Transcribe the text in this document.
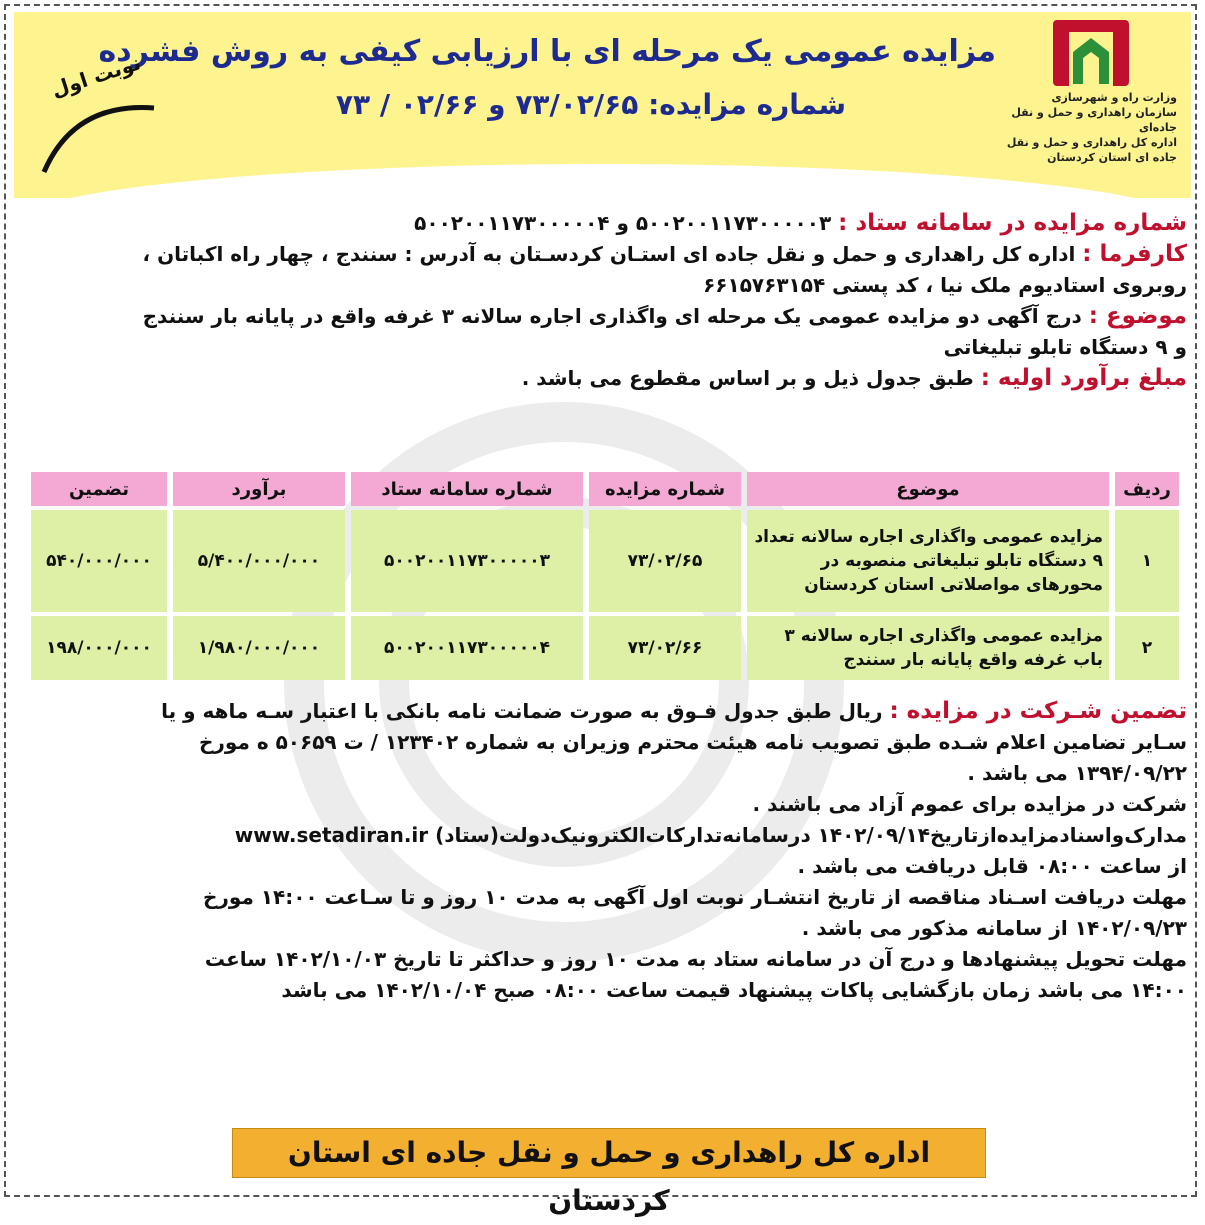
وزارت راه و شهرسازی
سازمان راهداری و حمل و نقل جاده‌ای
اداره کل راهداری و حمل و نقل
جاده ای استان کردستان
مزایده عمومی یک مرحله ای با ارزیابی کیفی به روش فشرده
شماره مزایده: ۷۳/۰۲/۶۵ و ۰۲/۶۶ / ۷۳
نوبت اول

شماره مزایده در سامانه ستاد : ۵۰۰۲۰۰۱۱۷۳۰۰۰۰۰۳ و ۵۰۰۲۰۰۱۱۷۳۰۰۰۰۰۴

کارفرما : اداره کل راهداری و حمل و نقل جاده ای استـان کردسـتان به آدرس : سنندج ، چهار راه اکباتان ،

روبروی استادیوم ملک نیا ، کد پستی ۶۶۱۵۷۶۳۱۵۴

موضوع : درج آگهی دو مزایده عمومی یک مرحله ای واگذاری اجاره سالانه ۳ غرفه واقع در پایانه بار سنندج

و ۹ دستگاه تابلو تبلیغاتی

مبلغ برآورد اولیه : طبق جدول ذیل و بر اساس مقطوع می باشد .

ردیف	موضوع	شماره مزایده	شماره سامانه ستاد	برآورد	تضمین
۱	مزایده عمومی واگذاری اجاره سالانه تعداد ۹ دستگاه تابلو تبلیغاتی منصوبه در محورهای مواصلاتی استان کردستان	۷۳/۰۲/۶۵	۵۰۰۲۰۰۱۱۷۳۰۰۰۰۰۳	۵/۴۰۰/۰۰۰/۰۰۰	۵۴۰/۰۰۰/۰۰۰
۲	مزایده عمومی واگذاری اجاره سالانه ۳ باب غرفه واقع پایانه بار سنندج	۷۳/۰۲/۶۶	۵۰۰۲۰۰۱۱۷۳۰۰۰۰۰۴	۱/۹۸۰/۰۰۰/۰۰۰	۱۹۸/۰۰۰/۰۰۰

تضمین شـرکت در مزایده : ریال طبق جدول فـوق به صورت ضمانت نامه بانکی با اعتبار سـه ماهه و یا

سـایر تضامین اعلام شـده طبق تصویب نامه هیئت محترم وزیران به شماره ۱۲۳۴۰۲ / ت ۵۰۶۵۹ ه مورخ

۱۳۹۴/۰۹/۲۲ می باشد .

شرکت در مزایده برای عموم آزاد می باشند .

مدارک‌واسنادمزایده‌ازتاریخ۱۴۰۲/۰۹/۱۴ درسامانه‌تدارکات‌الکترونیک‌دولت(ستاد) www.setadiran.ir

از ساعت ۰۸:۰۰ قابل دریافت می باشد .

مهلت دریافت اسـناد مناقصه از تاریخ انتشـار نوبت اول آگهی به مدت ۱۰ روز و تا سـاعت ۱۴:۰۰ مورخ

۱۴۰۲/۰۹/۲۳ از سامانه مذکور می باشد .

مهلت تحویل پیشنهادها و درج آن در سامانه ستاد به مدت ۱۰ روز و حداکثر تا تاریخ ۱۴۰۲/۱۰/۰۳ ساعت

۱۴:۰۰ می باشد زمان بازگشایی پاکات پیشنهاد قیمت ساعت ۰۸:۰۰ صبح ۱۴۰۲/۱۰/۰۴ می باشد

اداره کل راهداری و حمل و نقل جاده ای استان کردستان
